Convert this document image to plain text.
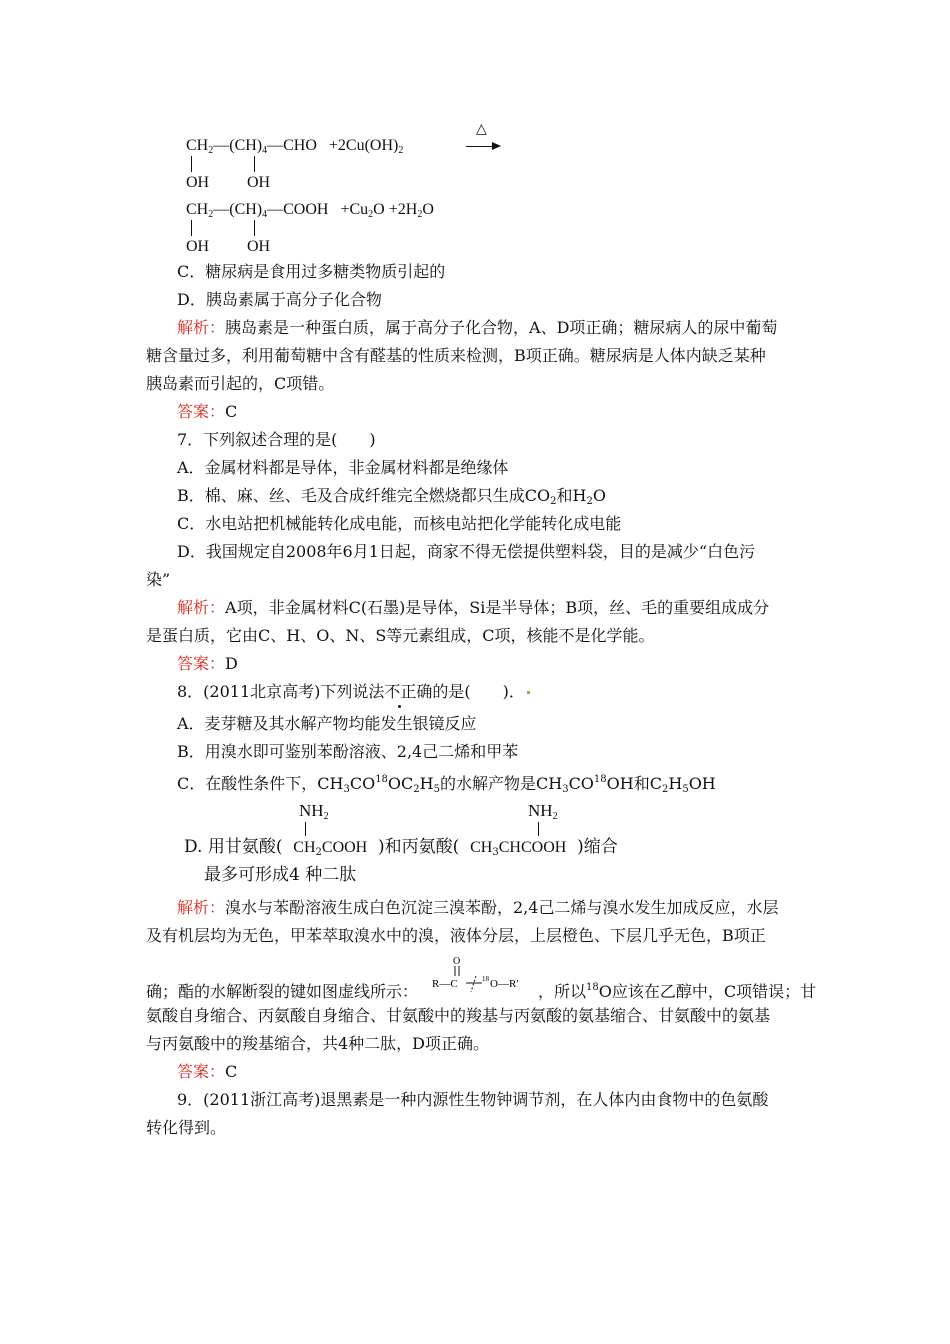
$CH_2—(CH)_4—CHO +2Cu(OH)_2$
△
OH OH
$CH_2—(CH)_4—COOH +Cu_2O +2H_2O$
OH OH
C．糖尿病是食用过多糖类物质引起的
D．胰岛素属于高分子化合物
解析：胰岛素是一种蛋白质，属于高分子化合物，A、D项正确；糖尿病人的尿中葡萄
糖含量过多，利用葡萄糖中含有醛基的性质来检测，B项正确。糖尿病是人体内缺乏某种
胰岛素而引起的，C项错。
答案：C
7．下列叙述合理的是(　　)
A．金属材料都是导体，非金属材料都是绝缘体
B．棉、麻、丝、毛及合成纤维完全燃烧都只生成$CO_2$和$H_2O$
C．水电站把机械能转化成电能，而核电站把化学能转化成电能
D．我国规定自2008年6月1日起，商家不得无偿提供塑料袋，目的是减少“白色污
染”
解析：A项，非金属材料C(石墨)是导体，Si是半导体；B项，丝、毛的重要组成成分
是蛋白质，它由C、H、O、N、S等元素组成，C项，核能不是化学能。
答案：D
8．(2011北京高考)下列说法不正确的是(　　)．
A．麦芽糖及其水解产物均能发生银镜反应
B．用溴水即可鉴别苯酚溶液、2,4己二烯和甲苯
C．在酸性条件下，$CH_3CO^{18}OC_2H_5$的水解产物是$CH_3CO^{18}OH$和$C_2H_5OH$
$NH_2$	$NH_2$
D. 用甘氨酸( $CH_2COOH$ )和丙氨酸( $CH_3CHCOOH$ )缩合
最多可形成4 种二肽
解析：溴水与苯酚溶液生成白色沉淀三溴苯酚，2,4己二烯与溴水发生加成反应，水层
及有机层均为无色，甲苯萃取溴水中的溴，液体分层，上层橙色、下层几乎无色，B项正
确；酯的水解断裂的键如图虚线所示：	，所以$^{18}$O应该在乙醇中，C项错误；甘
O
R—C	18 O—R′
氨酸自身缩合、丙氨酸自身缩合、甘氨酸中的羧基与丙氨酸的氨基缩合、甘氨酸中的氨基
与丙氨酸中的羧基缩合，共4种二肽，D项正确。
答案：C
9．(2011浙江高考)退黑素是一种内源性生物钟调节剂，在人体内由食物中的色氨酸
转化得到。
